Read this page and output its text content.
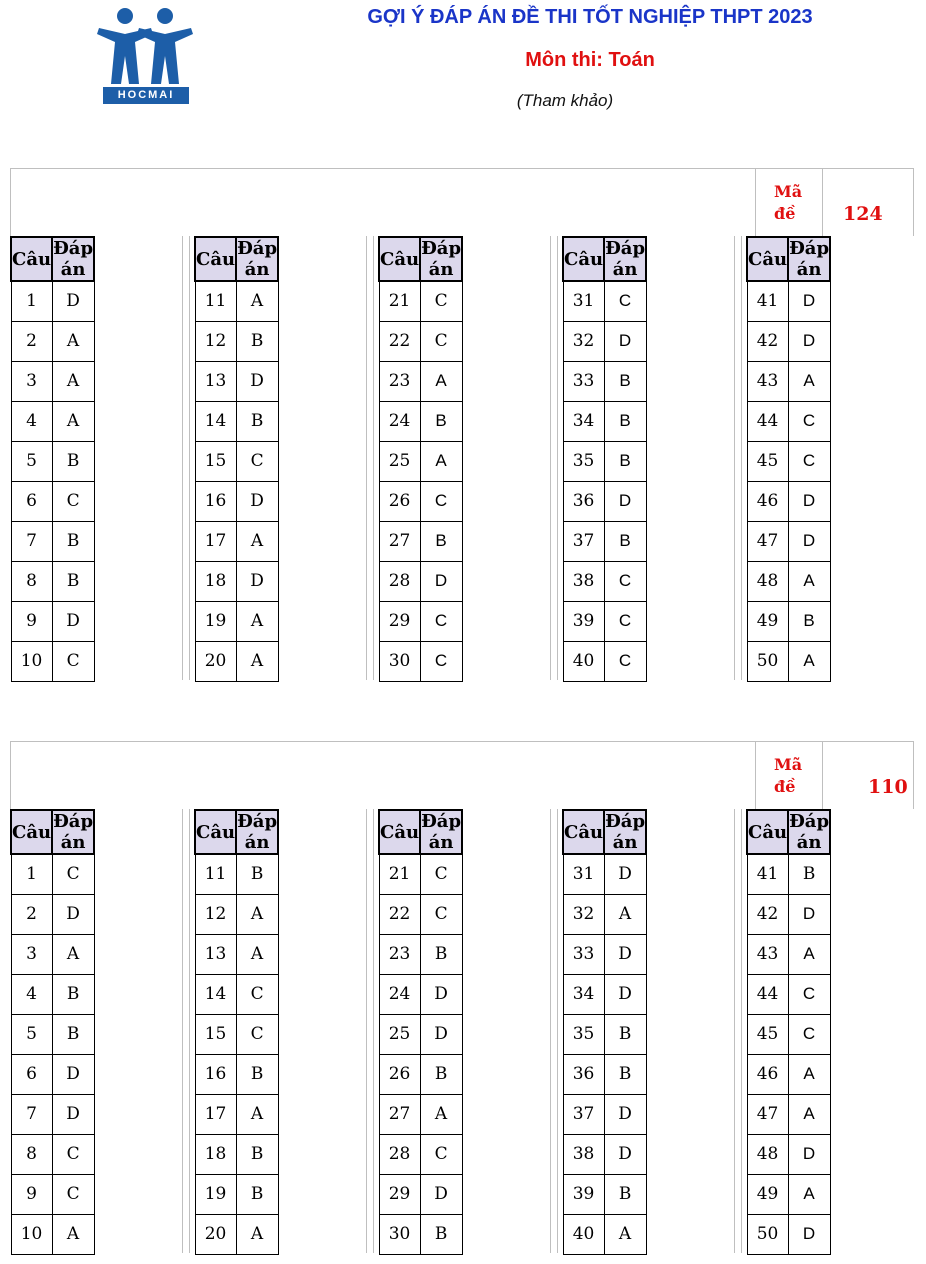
HOCMAI
GỢI Ý ĐÁP ÁN ĐỀ THI TỐT NGHIỆP THPT 2023
Môn thi: Toán
(Tham khảo)
Mã
đề	124
Câu	Đáp án
1	D
2	A
3	A
4	A
5	B
6	C
7	B
8	B
9	D
10	C
Câu	Đáp án
11	A
12	B
13	D
14	B
15	C
16	D
17	A
18	D
19	A
20	A
Câu	Đáp án
21	C
22	C
23	A
24	B
25	A
26	C
27	B
28	D
29	C
30	C
Câu	Đáp án
31	C
32	D
33	B
34	B
35	B
36	D
37	B
38	C
39	C
40	C
Câu	Đáp án
41	D
42	D
43	A
44	C
45	C
46	D
47	D
48	A
49	B
50	A
Mã
đề	110
Câu	Đáp án
1	C
2	D
3	A
4	B
5	B
6	D
7	D
8	C
9	C
10	A
Câu	Đáp án
11	B
12	A
13	A
14	C
15	C
16	B
17	A
18	B
19	B
20	A
Câu	Đáp án
21	C
22	C
23	B
24	D
25	D
26	B
27	A
28	C
29	D
30	B
Câu	Đáp án
31	D
32	A
33	D
34	D
35	B
36	B
37	D
38	D
39	B
40	A
Câu	Đáp án
41	B
42	D
43	A
44	C
45	C
46	A
47	A
48	D
49	A
50	D
